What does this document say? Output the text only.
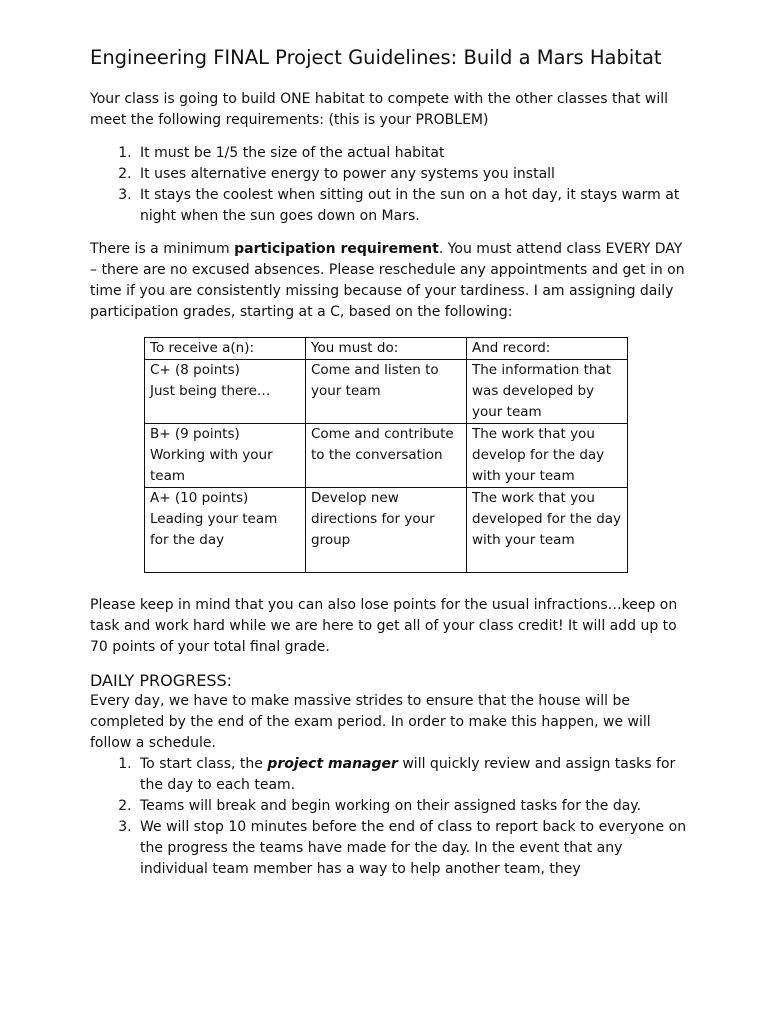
Engineering FINAL Project Guidelines: Build a Mars Habitat

Your class is going to build ONE habitat to compete with the other classes that will meet the following requirements: (this is your PROBLEM)

1. It must be 1/5 the size of the actual habitat
2. It uses alternative energy to power any systems you install
3. It stays the coolest when sitting out in the sun on a hot day, it stays warm at night when the sun goes down on Mars.

There is a minimum participation requirement. You must attend class EVERY DAY – there are no excused absences. Please reschedule any appointments and get in on time if you are consistently missing because of your tardiness. I am assigning daily participation grades, starting at a C, based on the following:

To receive a(n):	You must do:	And record:
C+ (8 points)
Just being there…	Come and listen to your team	The information that was developed by your team
B+ (9 points)
Working with your team	Come and contribute to the conversation	The work that you develop for the day with your team
A+ (10 points)
Leading your team for the day	Develop new directions for your group	The work that you developed for the day with your team

Please keep in mind that you can also lose points for the usual infractions…keep on task and work hard while we are here to get all of your class credit! It will add up to 70 points of your total final grade.

DAILY PROGRESS:

Every day, we have to make massive strides to ensure that the house will be completed by the end of the exam period. In order to make this happen, we will follow a schedule.

1. To start class, the project manager will quickly review and assign tasks for the day to each team.
2. Teams will break and begin working on their assigned tasks for the day.
3. We will stop 10 minutes before the end of class to report back to everyone on the progress the teams have made for the day. In the event that any individual team member has a way to help another team, they
